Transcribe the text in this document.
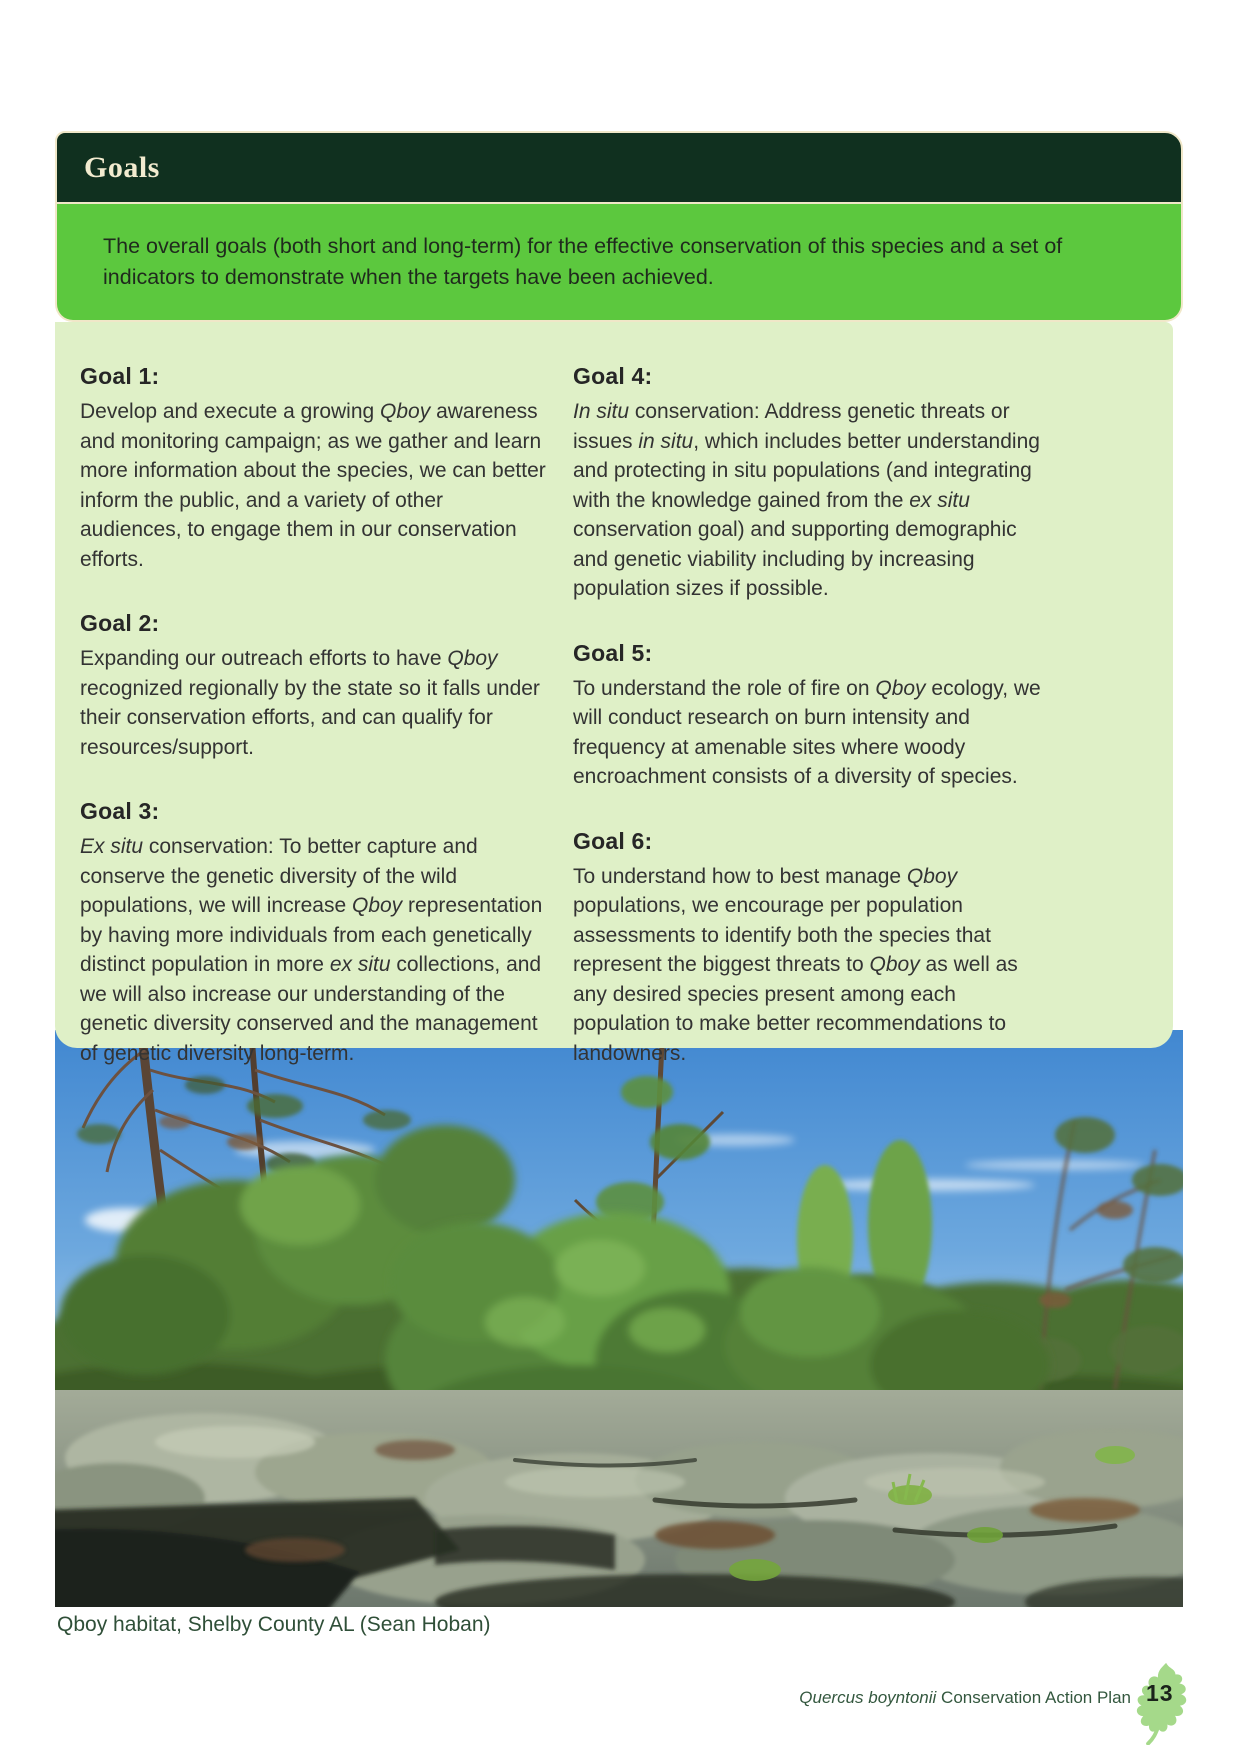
Goals
The overall goals (both short and long-term) for the effective conservation of this species and a set of indicators to demonstrate when the targets have been achieved.
Goal 1:

Develop and execute a growing Qboy awareness and monitoring campaign; as we gather and learn more information about the species, we can better inform the public, and a variety of other audiences, to engage them in our conservation efforts.

Goal 2:

Expanding our outreach efforts to have Qboy recognized regionally by the state so it falls under their conservation efforts, and can qualify for resources/support.

Goal 3:

Ex situ conservation: To better capture and conserve the genetic diversity of the wild populations, we will increase Qboy representation by having more individuals from each genetically distinct population in more ex situ collections, and we will also increase our understanding of the genetic diversity conserved and the management of genetic diversity long-term.

Goal 4:

In situ conservation: Address genetic threats or issues in situ, which includes better understanding and protecting in situ populations (and integrating with the knowledge gained from the ex situ conservation goal) and supporting demographic and genetic viability including by increasing population sizes if possible.

Goal 5:

To understand the role of fire on Qboy ecology, we will conduct research on burn intensity and frequency at amenable sites where woody encroachment consists of a diversity of species.

Goal 6:

To understand how to best manage Qboy populations, we encourage per population assessments to identify both the species that represent the biggest threats to Qboy as well as any desired species present among each population to make better recommendations to landowners.

Qboy habitat, Shelby County AL (Sean Hoban)
Quercus boyntonii Conservation Action Plan 13
